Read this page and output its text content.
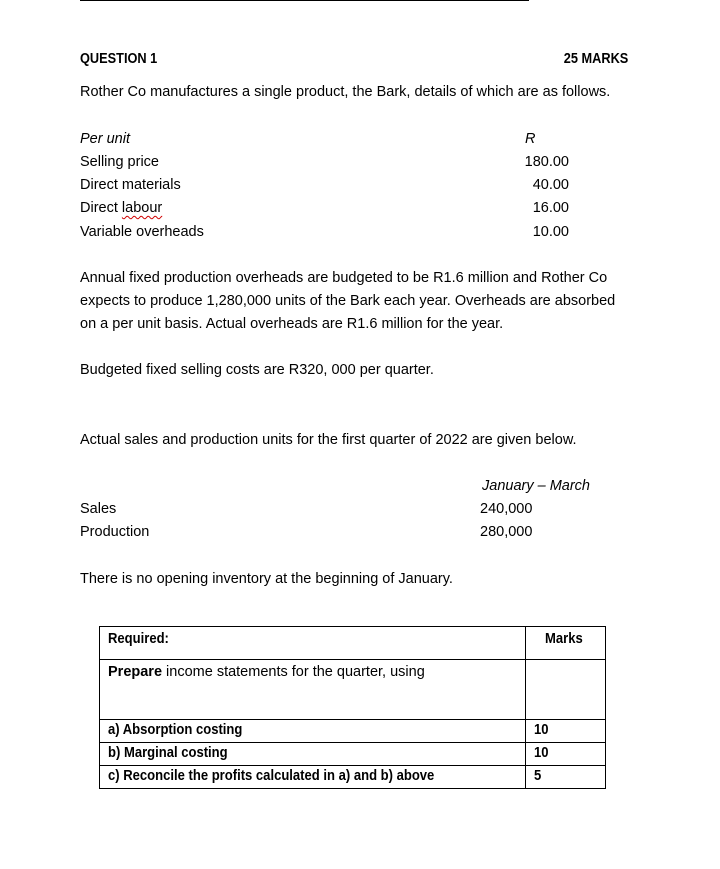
QUESTION 1	25 MARKS
Rother Co manufactures a single product, the Bark, details of which are as follows.
Per unit	R
Selling price	180.00
Direct materials	40.00
Direct labour	16.00
Variable overheads	10.00
Annual fixed production overheads are budgeted to be R1.6 million and Rother Co
expects to produce 1,280,000 units of the Bark each year. Overheads are absorbed
on a per unit basis. Actual overheads are R1.6 million for the year.
Budgeted fixed selling costs are R320, 000 per quarter.
Actual sales and production units for the first quarter of 2022 are given below.
January – March
Sales	240,000
Production	280,000
There is no opening inventory at the beginning of January.
Required:	Marks
Prepare income statements for the quarter, using	
a) Absorption costing	10
b) Marginal costing	10
c) Reconcile the profits calculated in a) and b) above	5
